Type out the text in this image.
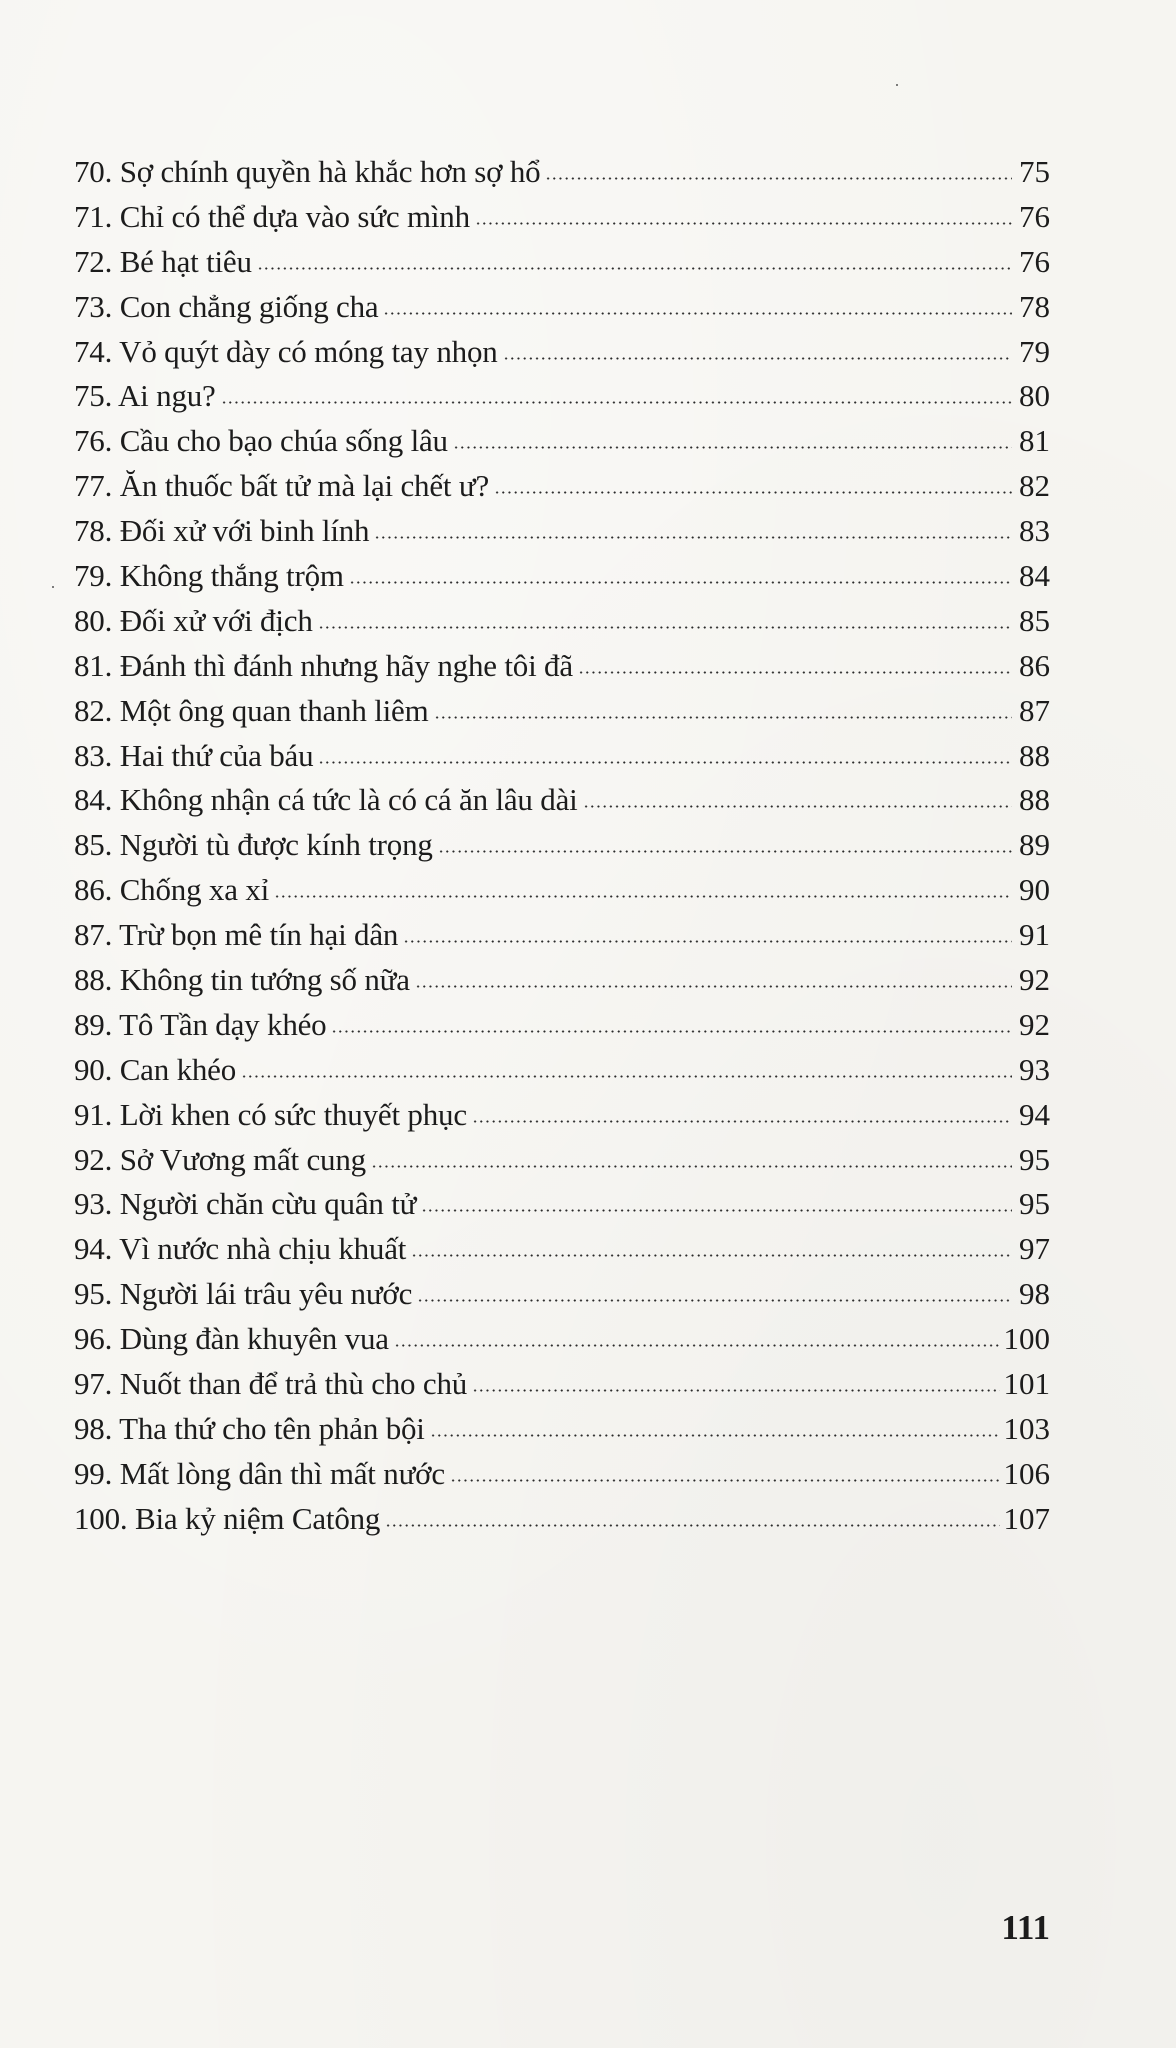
70. Sợ chính quyền hà khắc hơn sợ hổ	75
71. Chỉ có thể dựa vào sức mình	76
72. Bé hạt tiêu	76
73. Con chẳng giống cha	78
74. Vỏ quýt dày có móng tay nhọn	79
75. Ai ngu?	80
76. Cầu cho bạo chúa sống lâu	81
77. Ăn thuốc bất tử mà lại chết ư?	82
78. Đối xử với binh lính	83
79. Không thắng trộm	84
80. Đối xử với địch	85
81. Đánh thì đánh nhưng hãy nghe tôi đã	86
82. Một ông quan thanh liêm	87
83. Hai thứ của báu	88
84. Không nhận cá tức là có cá ăn lâu dài	88
85. Người tù được kính trọng	89
86. Chống xa xỉ	90
87. Trừ bọn mê tín hại dân	91
88. Không tin tướng số nữa	92
89. Tô Tần dạy khéo	92
90. Can khéo	93
91. Lời khen có sức thuyết phục	94
92. Sở Vương mất cung	95
93. Người chăn cừu quân tử	95
94. Vì nước nhà chịu khuất	97
95. Người lái trâu yêu nước	98
96. Dùng đàn khuyên vua	100
97. Nuốt than để trả thù cho chủ	101
98. Tha thứ cho tên phản bội	103
99. Mất lòng dân thì mất nước	106
100. Bia kỷ niệm Catông	107
111
